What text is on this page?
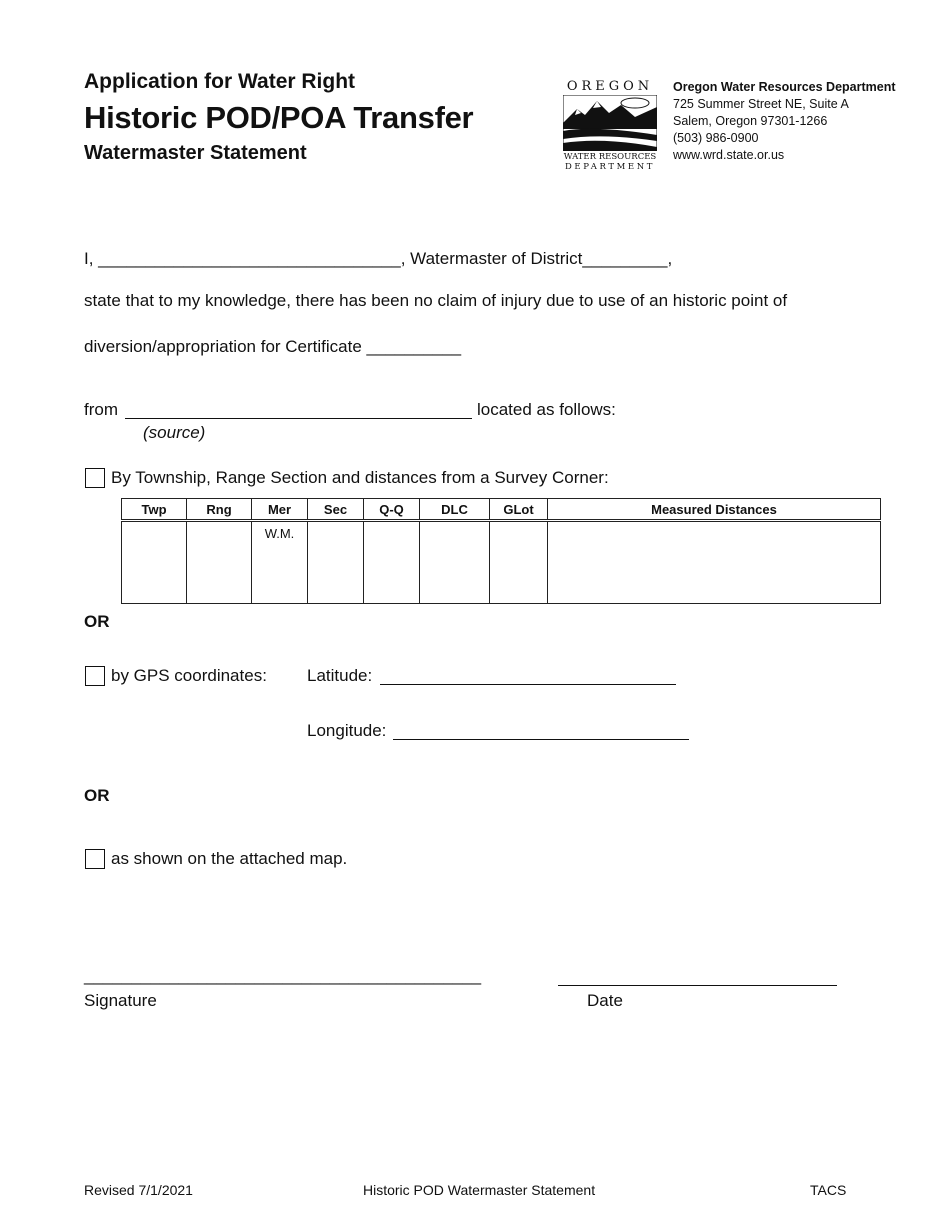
Application for Water Right
Historic POD/POA Transfer
Watermaster Statement
OREGON
WATER RESOURCES
DEPARTMENT
Oregon Water Resources Department
725 Summer Street NE, Suite A
Salem, Oregon 97301-1266
(503) 986-0900
www.wrd.state.or.us
I, ________________________________, Watermaster of District_________,
state that to my knowledge, there has been no claim of injury due to use of an historic point of
diversion/appropriation for Certificate __________
from	located as follows:
(source)
By Township, Range Section and distances from a Survey Corner:
Twp	Rng	Mer	Sec	Q-Q	DLC	GLot	Measured Distances
		W.M.					
OR
by GPS coordinates: Latitude:
Longitude:
OR
as shown on the attached map.
__________________________________________
Signature	Date
Revised 7/1/2021	Historic POD Watermaster Statement	TACS
